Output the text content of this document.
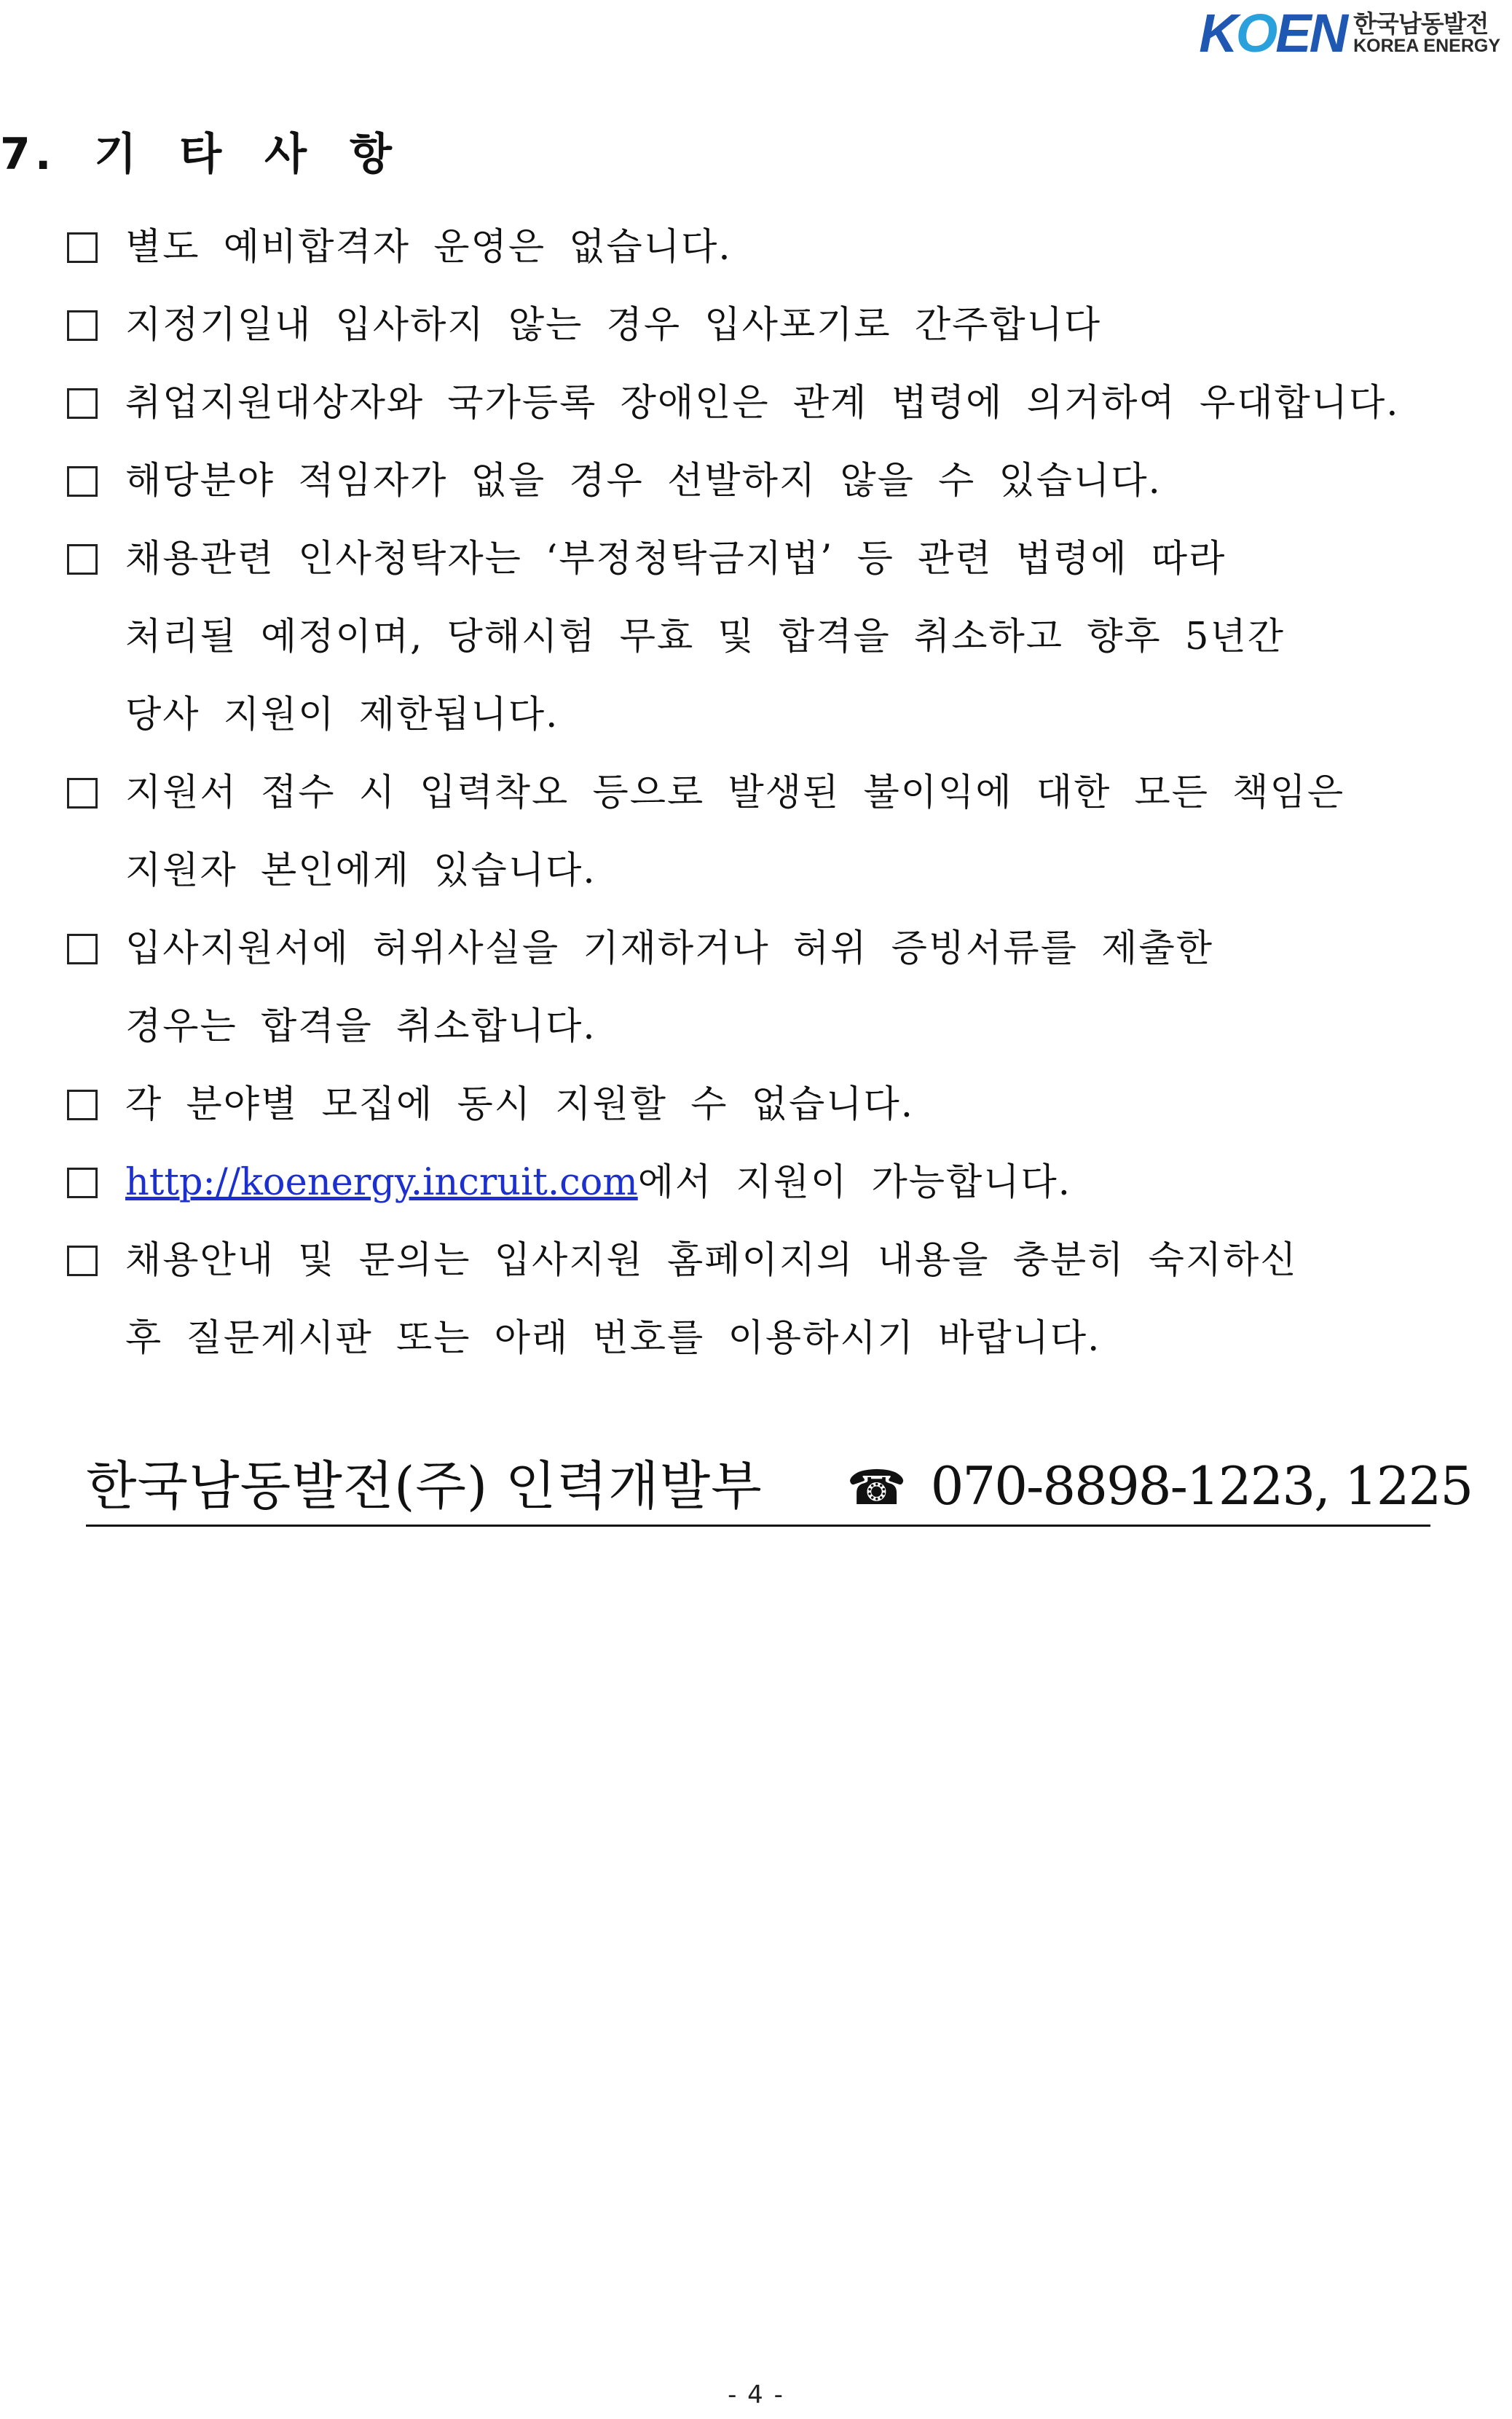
KOEN 한국남동발전
KOREA ENERGY
7. 기 타 사 항
별도 예비합격자 운영은 없습니다.
지정기일내 입사하지 않는 경우 입사포기로 간주합니다
취업지원대상자와 국가등록 장애인은 관계 법령에 의거하여 우대합니다.
해당분야 적임자가 없을 경우 선발하지 않을 수 있습니다.
채용관련 인사청탁자는 ‘부정청탁금지법’ 등 관련 법령에 따라
처리될 예정이며, 당해시험 무효 및 합격을 취소하고 향후 5년간
당사 지원이 제한됩니다.
지원서 접수 시 입력착오 등으로 발생된 불이익에 대한 모든 책임은
지원자 본인에게 있습니다.
입사지원서에 허위사실을 기재하거나 허위 증빙서류를 제출한
경우는 합격을 취소합니다.
각 분야별 모집에 동시 지원할 수 없습니다.
http://koenergy.incruit.com에서 지원이 가능합니다.
채용안내 및 문의는 입사지원 홈페이지의 내용을 충분히 숙지하신
후 질문게시판 또는 아래 번호를 이용하시기 바랍니다.
한국남동발전(주) 인력개발부 ☎ 070-8898-1223, 1225
- 4 -
